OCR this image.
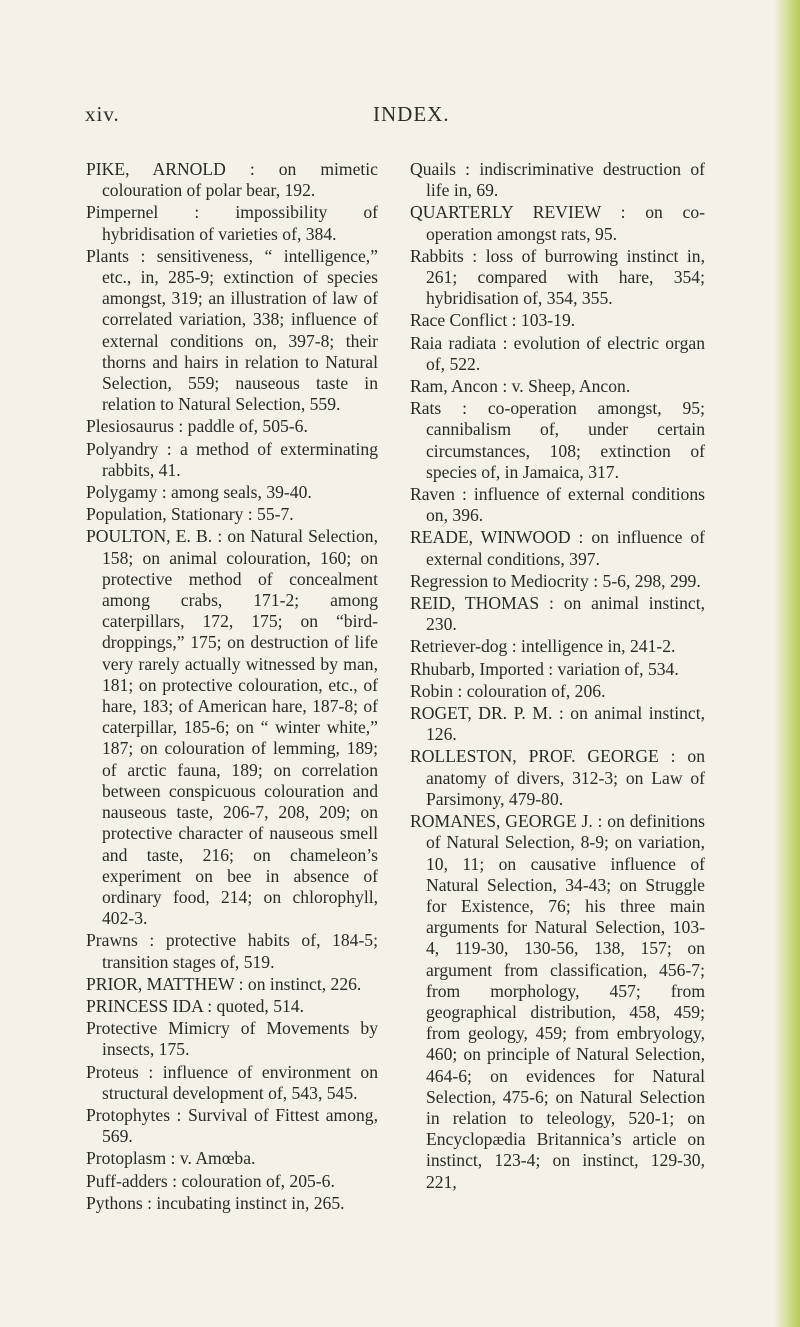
xiv.	INDEX.

PIKE, ARNOLD : on mimetic colouration of polar bear, 192.

Pimpernel : impossibility of hybridisation of varieties of, 384.

Plants : sensitiveness, “ intelligence,” etc., in, 285-9; extinction of species amongst, 319; an illustration of law of correlated variation, 338; influence of external conditions on, 397-8; their thorns and hairs in relation to Natural Selection, 559; nauseous taste in relation to Natural Selection, 559.

Plesiosaurus : paddle of, 505-6.

Polyandry : a method of exterminating rabbits, 41.

Polygamy : among seals, 39-40.

Population, Stationary : 55-7.

POULTON, E. B. : on Natural Selection, 158; on animal colouration, 160; on protective method of concealment among crabs, 171-2; among caterpillars, 172, 175; on “bird-droppings,” 175; on destruction of life very rarely actually witnessed by man, 181; on protective colouration, etc., of hare, 183; of American hare, 187-8; of caterpillar, 185-6; on “ winter white,” 187; on colouration of lemming, 189; of arctic fauna, 189; on correlation between conspicuous colouration and nauseous taste, 206-7, 208, 209; on protective character of nauseous smell and taste, 216; on chameleon’s experiment on bee in absence of ordinary food, 214; on chlorophyll, 402-3.

Prawns : protective habits of, 184-5; transition stages of, 519.

PRIOR, MATTHEW : on instinct, 226.

PRINCESS IDA : quoted, 514.

Protective Mimicry of Movements by insects, 175.

Proteus : influence of environment on structural development of, 543, 545.

Protophytes : Survival of Fittest among, 569.

Protoplasm : v. Amœba.

Puff-adders : colouration of, 205-6.

Pythons : incubating instinct in, 265.

Quails : indiscriminative destruction of life in, 69.

QUARTERLY REVIEW : on co-operation amongst rats, 95.

Rabbits : loss of burrowing instinct in, 261; compared with hare, 354; hybridisation of, 354, 355.

Race Conflict : 103-19.

Raia radiata : evolution of electric organ of, 522.

Ram, Ancon : v. Sheep, Ancon.

Rats : co-operation amongst, 95; cannibalism of, under certain circumstances, 108; extinction of species of, in Jamaica, 317.

Raven : influence of external conditions on, 396.

READE, WINWOOD : on influence of external conditions, 397.

Regression to Mediocrity : 5-6, 298, 299.

REID, THOMAS : on animal instinct, 230.

Retriever-dog : intelligence in, 241-2.

Rhubarb, Imported : variation of, 534.

Robin : colouration of, 206.

ROGET, DR. P. M. : on animal instinct, 126.

ROLLESTON, PROF. GEORGE : on anatomy of divers, 312-3; on Law of Parsimony, 479-80.

ROMANES, GEORGE J. : on definitions of Natural Selection, 8-9; on variation, 10, 11; on causative influence of Natural Selection, 34-43; on Struggle for Existence, 76; his three main arguments for Natural Selection, 103-4, 119-30, 130-56, 138, 157; on argument from classification, 456-7; from morphology, 457; from geographical distribution, 458, 459; from geology, 459; from embryology, 460; on principle of Natural Selection, 464-6; on evidences for Natural Selection, 475-6; on Natural Selection in relation to teleology, 520-1; on Encyclopædia Britannica’s article on instinct, 123-4; on instinct, 129-30, 221,
